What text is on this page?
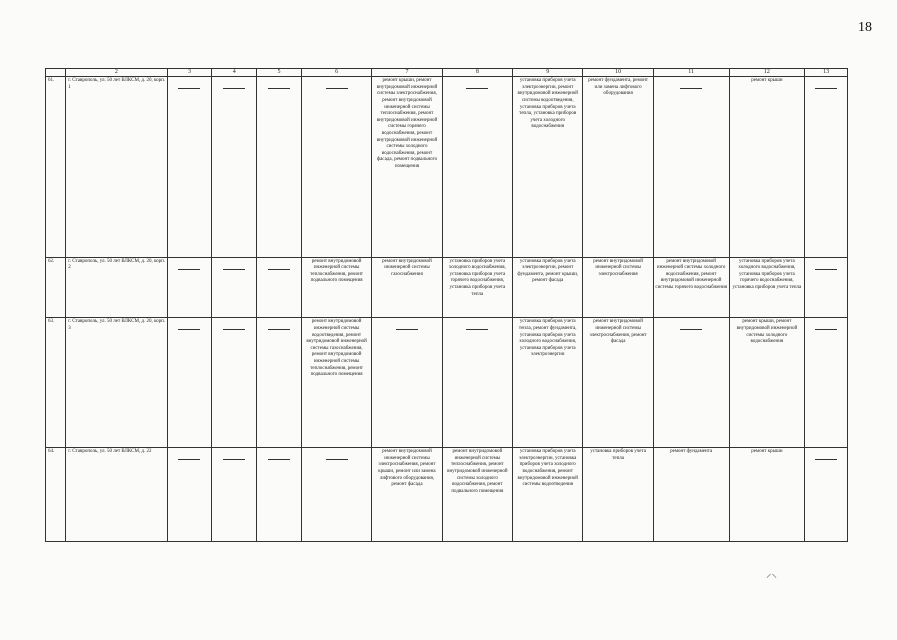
18
	2	3	4	5	6	7	8	9	10	11	12	13
61.	г. Ставрополь, ул. 50 лет ВЛКСМ, д. 20, корп. 1					ремонт крыши, ремонт внутридомовой инженерной системы электроснабжения, ремонт внутридомовой инженерной системы теплоснабжения, ремонт внутридомовой инженерной системы горячего водоснабжения, ремонт внутридомовой инженерной системы холодного водоснабжения, ремонт фасада, ремонт подвального помещения		установка приборов учета электроэнергии, ремонт внутридомовой инженерной системы водоотведения, установка приборов учета тепла, установка приборов учета холодного водоснабжения	ремонт фундамента, ремонт или замена лифтового оборудования		ремонт крыши	

62.	г. Ставрополь, ул. 50 лет ВЛКСМ, д. 20, корп. 2				ремонт внутридомовой инженерной системы теплоснабжения, ремонт подвального помещения	ремонт внутридомовой инженерной системы газоснабжения	установка приборов учета холодного водоснабжения, установка приборов учета горячего водоснабжения, установка приборов учета тепла	установка приборов учета электроэнергии, ремонт фундамента, ремонт крыши, ремонт фасада	ремонт внутридомовой инженерной системы электроснабжения	ремонт внутридомовой инженерной системы холодного водоснабжения, ремонт внутридомовой инженерной системы горячего водоснабжения	установка приборов учета холодного водоснабжения, установка приборов учета горячего водоснабжения, установка приборов учета тепла	

63.	г. Ставрополь, ул. 50 лет ВЛКСМ, д. 20, корп. 3				ремонт внутридомовой инженерной системы водоотведения, ремонт внутридомовой инженерной системы газоснабжения, ремонт внутридомовой инженерной системы теплоснабжения, ремонт подвального помещения			установка приборов учета тепла, ремонт фундамента, установка приборов учета холодного водоснабжения, установка приборов учета электроэнергии	ремонт внутридомовой инженерной системы электроснабжения, ремонт фасада		ремонт крыши, ремонт внутридомовой инженерной системы холодного водоснабжения	

64.	г. Ставрополь, ул. 50 лет ВЛКСМ, д. 22					ремонт внутридомовой инженерной системы электроснабжения, ремонт крыши, ремонт или замена лифтового оборудования, ремонт фасада	ремонт внутридомовой инженерной системы теплоснабжения, ремонт внутридомовой инженерной системы холодного водоснабжения, ремонт подвального помещения	установка приборов учета электроэнергии, установка приборов учета холодного водоснабжения, ремонт внутридомовой инженерной системы водоотведения	установка приборов учета тепла	ремонт фундамента	ремонт крыши	
⸝⸜
